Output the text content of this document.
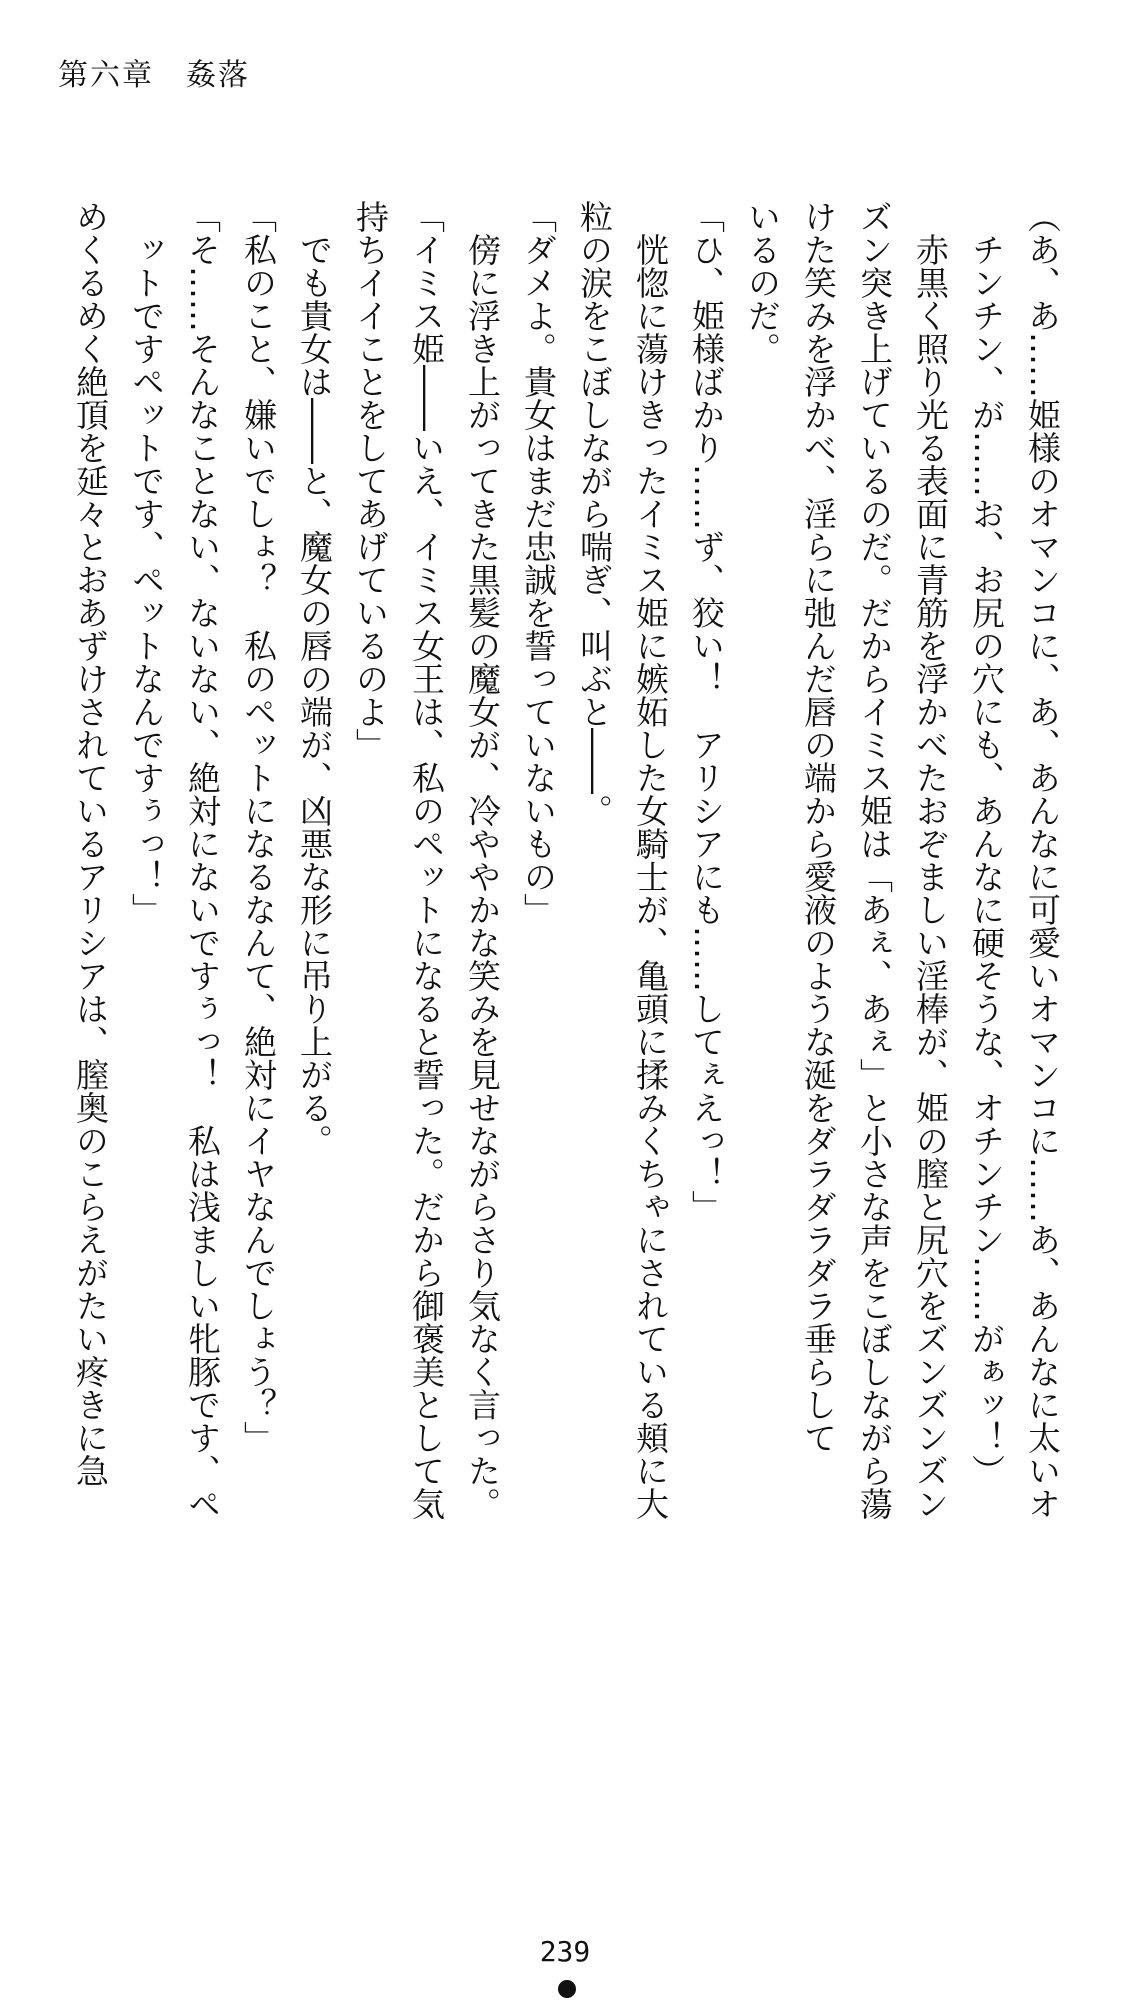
第六章　姦落

（あ、あ……姫様のオマンコに、あ、あんなに可愛いオマンコに……あ、あんなに太いオ

チンチン、が……お、お尻の穴にも、あんなに硬そうな、オチンチン……がぁッ！）

赤黒く照り光る表面に青筋を浮かべたおぞましい淫棒が、姫の膣と尻穴をズンズンズン

ズン突き上げているのだ。だからイミス姫は「あぇ、あぇ」と小さな声をこぼしながら蕩

けた笑みを浮かべ、淫らに弛んだ唇の端から愛液のような涎をダラダラダラ垂らして

いるのだ。

「ひ、姫様ばかり……ず、狡い！　アリシアにも……してぇえっ！」

恍惚に蕩けきったイミス姫に嫉妬した女騎士が、亀頭に揉みくちゃにされている頬に大

粒の涙をこぼしながら喘ぎ、叫ぶと――。

「ダメよ。貴女はまだ忠誠を誓っていないもの」

傍に浮き上がってきた黒髪の魔女が、冷ややかな笑みを見せながらさり気なく言った。

「イミス姫――いえ、イミス女王は、私のペットになると誓った。だから御褒美として気

持ちイイことをしてあげているのよ」

でも貴女は――と、魔女の唇の端が、凶悪な形に吊り上がる。

「私のこと、嫌いでしょ？　私のペットになるなんて、絶対にイヤなんでしょう？」

「そ……そんなことない、ないない、絶対にないですぅっ！　私は浅ましい牝豚です、ペ

ットですペットです、ペットなんですぅっ！」

めくるめく絶頂を延々とおあずけされているアリシアは、膣奥のこらえがたい疼きに急

239
